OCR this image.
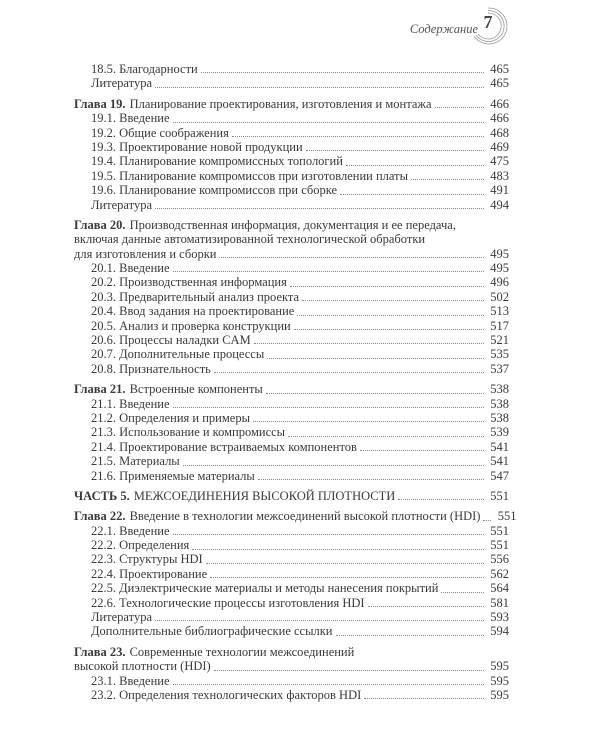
Содержание 7
18.5. Благодарности	465
Литература	465
Глава 19. Планирование проектирования, изготовления и монтажа	466
19.1. Введение	466
19.2. Общие соображения	468
19.3. Проектирование новой продукции	469
19.4. Планирование компромиссных топологий	475
19.5. Планирование компромиссов при изготовлении платы	483
19.6. Планирование компромиссов при сборке	491
Литература	494
Глава 20. Производственная информация, документация и ее передача,
включая данные автоматизированной технологической обработки
для изготовления и сборки	495
20.1. Введение	495
20.2. Производственная информация	496
20.3. Предварительный анализ проекта	502
20.4. Ввод задания на проектирование	513
20.5. Анализ и проверка конструкции	517
20.6. Процессы наладки CAM	521
20.7. Дополнительные процессы	535
20.8. Признательность	537
Глава 21. Встроенные компоненты	538
21.1. Введение	538
21.2. Определения и примеры	538
21.3. Использование и компромиссы	539
21.4. Проектирование встраиваемых компонентов	541
21.5. Материалы	541
21.6. Применяемые материалы	547
ЧАСТЬ 5. МЕЖСОЕДИНЕНИЯ ВЫСОКОЙ ПЛОТНОСТИ	551
Глава 22. Введение в технологии межсоединений высокой плотности (HDI) 551
22.1. Введение	551
22.2. Определения	551
22.3. Структуры HDI	556
22.4. Проектирование	562
22.5. Диэлектрические материалы и методы нанесения покрытий	564
22.6. Технологические процессы изготовления HDI	581
Литература	593
Дополнительные библиографические ссылки	594
Глава 23. Современные технологии межсоединений
высокой плотности (HDI)	595
23.1. Введение	595
23.2. Определения технологических факторов HDI	595
